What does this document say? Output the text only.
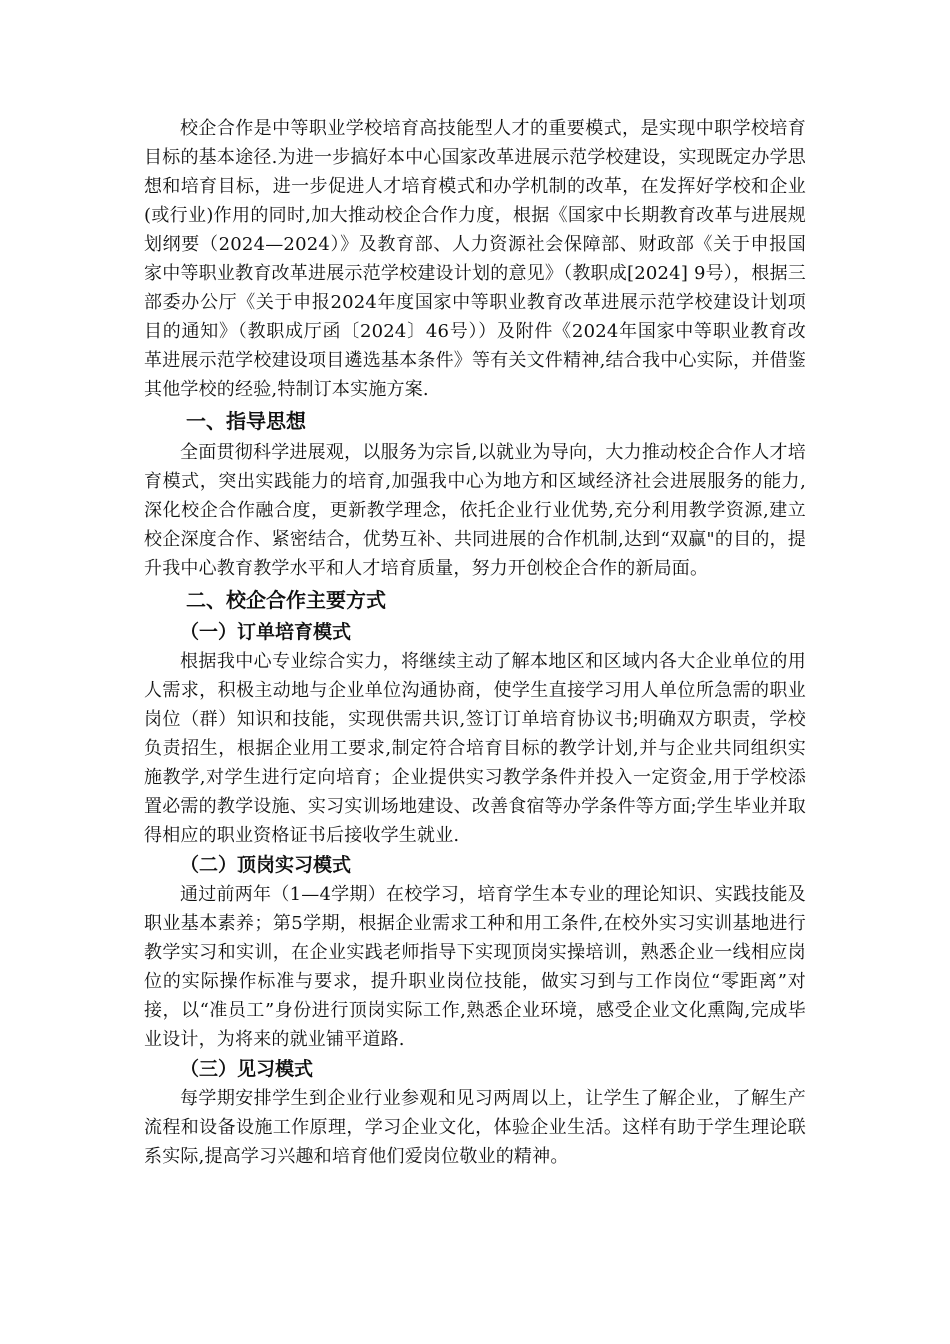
校企合作是中等职业学校培育高技能型人才的重要模式，是实现中职学校培育目标的基本途径.为进一步搞好本中心国家改革进展示范学校建设，实现既定办学思想和培育目标，进一步促进人才培育模式和办学机制的改革，在发挥好学校和企业(或行业)作用的同时,加大推动校企合作力度，根据《国家中长期教育改革与进展规划纲要（2024—2024）》及教育部、人力资源社会保障部、财政部《关于申报国家中等职业教育改革进展示范学校建设计划的意见》（教职成[2024] 9号），根据三部委办公厅《关于申报2024年度国家中等职业教育改革进展示范学校建设计划项目的通知》（教职成厅函〔2024〕46号））及附件《2024年国家中等职业教育改革进展示范学校建设项目遴选基本条件》等有关文件精神,结合我中心实际，并借鉴其他学校的经验,特制订本实施方案.

一、指导思想

全面贯彻科学进展观，以服务为宗旨,以就业为导向，大力推动校企合作人才培育模式，突出实践能力的培育,加强我中心为地方和区域经济社会进展服务的能力,深化校企合作融合度，更新教学理念，依托企业行业优势,充分利用教学资源,建立校企深度合作、紧密结合，优势互补、共同进展的合作机制,达到“双赢"的目的，提升我中心教育教学水平和人才培育质量，努力开创校企合作的新局面。

二、校企合作主要方式
（一）订单培育模式

根据我中心专业综合实力，将继续主动了解本地区和区域内各大企业单位的用人需求，积极主动地与企业单位沟通协商，使学生直接学习用人单位所急需的职业岗位（群）知识和技能，实现供需共识,签订订单培育协议书;明确双方职责，学校负责招生，根据企业用工要求,制定符合培育目标的教学计划,并与企业共同组织实施教学,对学生进行定向培育；企业提供实习教学条件并投入一定资金,用于学校添置必需的教学设施、实习实训场地建设、改善食宿等办学条件等方面;学生毕业并取得相应的职业资格证书后接收学生就业.

（二）顶岗实习模式

通过前两年（1—4学期）在校学习，培育学生本专业的理论知识、实践技能及职业基本素养；第5学期，根据企业需求工种和用工条件,在校外实习实训基地进行教学实习和实训，在企业实践老师指导下实现顶岗实操培训，熟悉企业一线相应岗位的实际操作标准与要求，提升职业岗位技能，做实习到与工作岗位“零距离”对接，以“准员工”身份进行顶岗实际工作,熟悉企业环境，感受企业文化熏陶,完成毕业设计，为将来的就业铺平道路.

（三）见习模式

每学期安排学生到企业行业参观和见习两周以上，让学生了解企业，了解生产流程和设备设施工作原理，学习企业文化，体验企业生活。这样有助于学生理论联系实际,提高学习兴趣和培育他们爱岗位敬业的精神。
